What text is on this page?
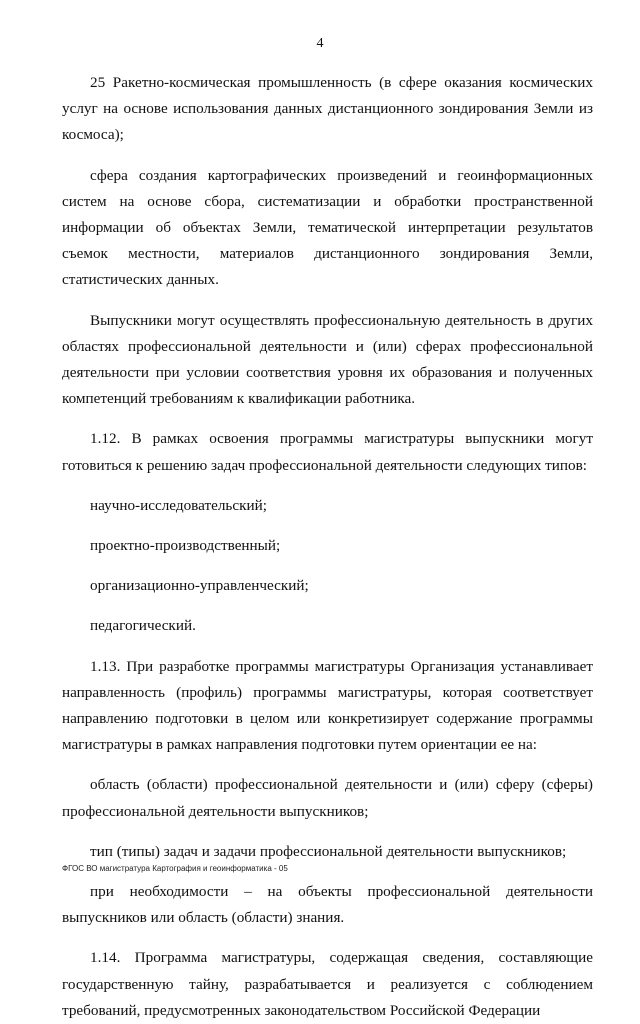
4

25 Ракетно-космическая промышленность (в сфере оказания космических услуг на основе использования данных дистанционного зондирования Земли из космоса);

сфера создания картографических произведений и геоинформационных систем на основе сбора, систематизации и обработки пространственной информации об объектах Земли, тематической интерпретации результатов съемок местности, материалов дистанционного зондирования Земли, статистических данных.

Выпускники могут осуществлять профессиональную деятельность в других областях профессиональной деятельности и (или) сферах профессиональной деятельности при условии соответствия уровня их образования и полученных компетенций требованиям к квалификации работника.

1.12. В рамках освоения программы магистратуры выпускники могут готовиться к решению задач профессиональной деятельности следующих типов:

научно-исследовательский;

проектно-производственный;

организационно-управленческий;

педагогический.

1.13. При разработке программы магистратуры Организация устанавливает направленность (профиль) программы магистратуры, которая соответствует направлению подготовки в целом или конкретизирует содержание программы магистратуры в рамках направления подготовки путем ориентации ее на:

область (области) профессиональной деятельности и (или) сферу (сферы) профессиональной деятельности выпускников;

тип (типы) задач и задачи профессиональной деятельности выпускников;

при необходимости – на объекты профессиональной деятельности выпускников или область (области) знания.

1.14. Программа магистратуры, содержащая сведения, составляющие государственную тайну, разрабатывается и реализуется с соблюдением требований, предусмотренных законодательством Российской Федерации

ФГОС ВО магистратура Картография и геоинформатика - 05
